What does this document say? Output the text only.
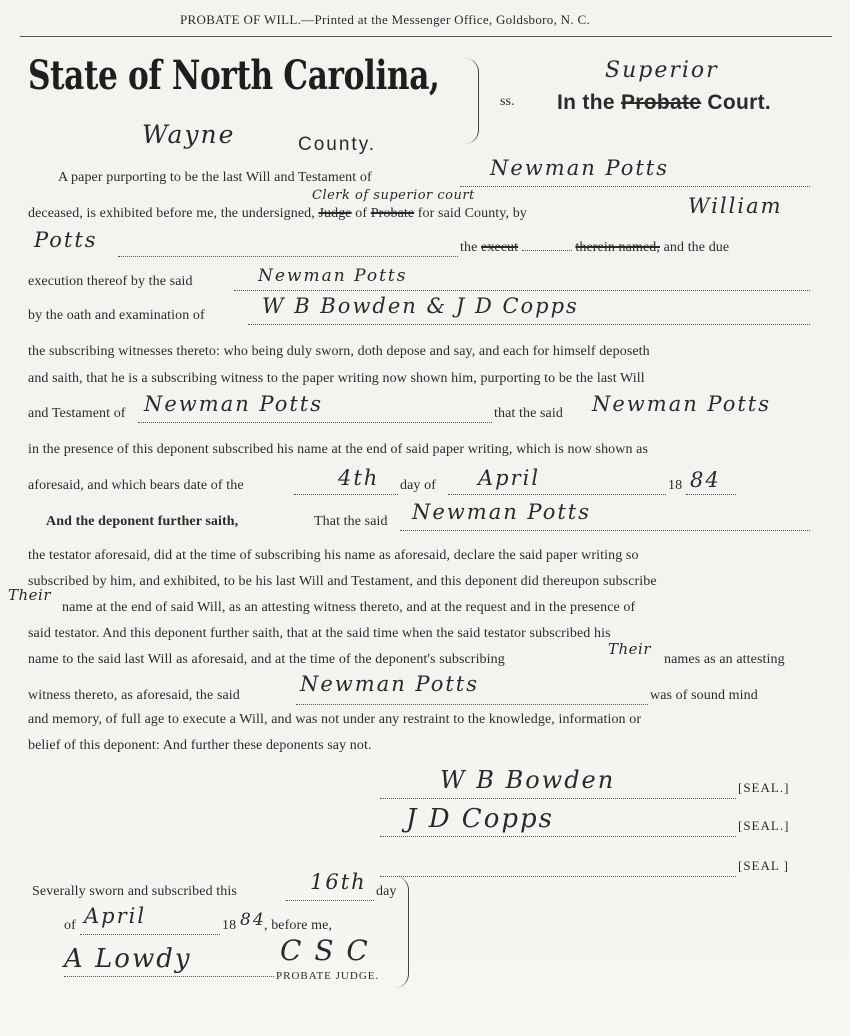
PROBATE OF WILL.—Printed at the Messenger Office, Goldsboro, N. C.
State of North Carolina,
ss.
Superior
In the Probate Court.
Wayne	County.
A paper purporting to be the last Will and Testament of	Newman Potts
Clerk of superior court
deceased, is exhibited before me, the undersigned, Judge of Probate for said County, by	William
Potts	the execut	therein named, and the due
execution thereof by the said	Newman Potts
by the oath and examination of	W B Bowden & J D Copps
the subscribing witnesses thereto: who being duly sworn, doth depose and say, and each for himself deposeth
and saith, that he is a subscribing witness to the paper writing now shown him, purporting to be the last Will
and Testament of Newman Potts	that the said Newman Potts
in the presence of this deponent subscribed his name at the end of said paper writing, which is now shown as
aforesaid, and which bears date of the	4th day of April	18 84
And the deponent further saith,	That the said Newman Potts
the testator aforesaid, did at the time of subscribing his name as aforesaid, declare the said paper writing so
subscribed by him, and exhibited, to be his last Will and Testament, and this deponent did thereupon subscribe
Their
name at the end of said Will, as an attesting witness thereto, and at the request and in the presence of
said testator. And this deponent further saith, that at the said time when the said testator subscribed his
name to the said last Will as aforesaid, and at the time of the deponent's subscribing
Their
names as an attesting
witness thereto, as aforesaid, the said	Newman Potts	was of sound mind
and memory, of full age to execute a Will, and was not under any restraint to the knowledge, information or
belief of this deponent: And further these deponents say not.
W B Bowden	[SEAL.]
J D Copps	[SEAL.]
[SEAL ]
Severally sworn and subscribed this	16th day
of April	18 84
, before me,
A Lowdy	C S C
PROBATE JUDGE.
